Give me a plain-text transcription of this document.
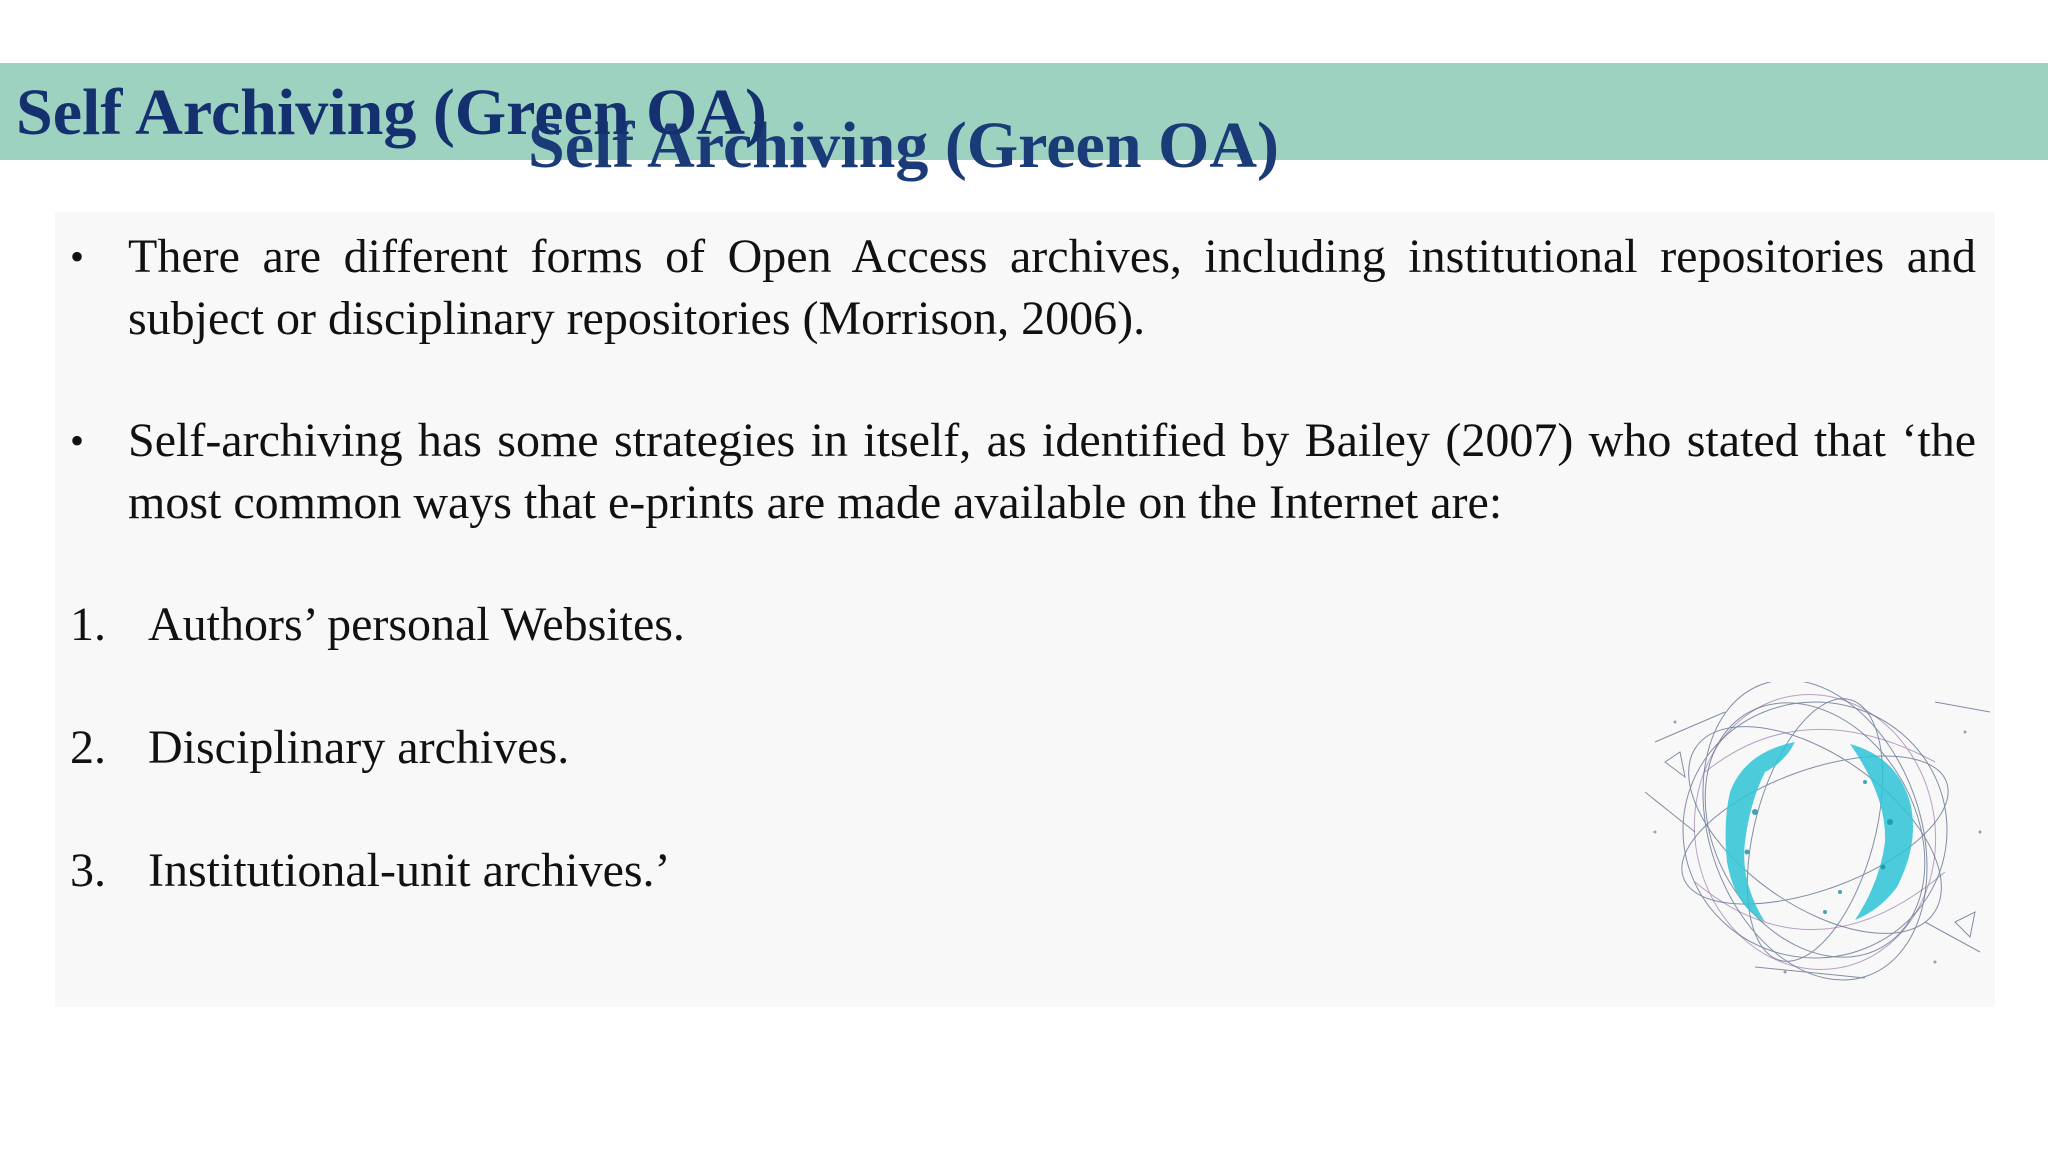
Self Archiving (Green OA)
Self Archiving (Green OA)
• There are different forms of Open Access archives, including institutional repositories and subject or disciplinary repositories (Morrison, 2006).
• Self-archiving has some strategies in itself, as identified by Bailey (2007) who stated that ‘the most common ways that e-prints are made available on the Internet are:
1. Authors’ personal Websites.
2. Disciplinary archives.
3. Institutional-unit archives.’
